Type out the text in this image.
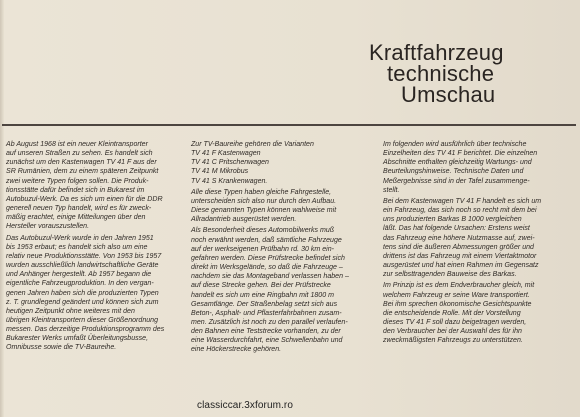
Kraftfahrzeug
technische
Umschau
Ab August 1968 ist ein neuer Kleintransporter
auf unseren Straßen zu sehen. Es handelt sich
zunächst um den Kastenwagen TV 41 F aus der
SR Rumänien, dem zu einem späteren Zeitpunkt
zwei weitere Typen folgen sollen. Die Produk-
tionsstätte dafür befindet sich in Bukarest im
Autobuzul-Werk. Da es sich um einen für die DDR
generell neuen Typ handelt, wird es für zweck-
mäßig erachtet, einige Mitteilungen über den
Hersteller vorauszustellen.
Das Autobuzul-Werk wurde in den Jahren 1951
bis 1953 erbaut; es handelt sich also um eine
relativ neue Produktionsstätte. Von 1953 bis 1957
wurden ausschließlich landwirtschaftliche Geräte
und Anhänger hergestellt. Ab 1957 begann die
eigentliche Fahrzeugproduktion. In den vergan-
genen Jahren haben sich die produzierten Typen
z. T. grundlegend geändert und können sich zum
heutigen Zeitpunkt ohne weiteres mit den
übrigen Kleintransportern dieser Größenordnung
messen. Das derzeitige Produktionsprogramm des
Bukarester Werks umfaßt Überleitungsbusse,
Omnibusse sowie die TV-Baureihe.
Zur TV-Baureihe gehören die Varianten
TV 41 F Kastenwagen
TV 41 C Pritschenwagen
TV 41 M Mikrobus
TV 41 S Krankenwagen.
Alle diese Typen haben gleiche Fahrgestelle,
unterscheiden sich also nur durch den Aufbau.
Diese genannten Typen können wahlweise mit
Allradantrieb ausgerüstet werden.
Als Besonderheit dieses Automobilwerks muß
noch erwähnt werden, daß sämtliche Fahrzeuge
auf der werkseigenen Prüfbahn rd. 30 km ein-
gefahren werden. Diese Prüfstrecke befindet sich
direkt im Werksgelände, so daß die Fahrzeuge –
nachdem sie das Montageband verlassen haben –
auf diese Strecke gehen. Bei der Prüfstrecke
handelt es sich um eine Ringbahn mit 1800 m
Gesamtlänge. Der Straßenbelag setzt sich aus
Beton-, Asphalt- und Pflasterfahrbahnen zusam-
men. Zusätzlich ist noch zu den parallel verlaufen-
den Bahnen eine Teststrecke vorhanden, zu der
eine Wasserdurchfahrt, eine Schwellenbahn und
eine Höckerstrecke gehören.
Im folgenden wird ausführlich über technische
Einzelheiten des TV 41 F berichtet. Die einzelnen
Abschnitte enthalten gleichzeitig Wartungs- und
Beurteilungshinweise. Technische Daten und
Meßergebnisse sind in der Tafel zusammenge-
stellt.
Bei dem Kastenwagen TV 41 F handelt es sich um
ein Fahrzeug, das sich noch so recht mit dem bei
uns produzierten Barkas B 1000 vergleichen
läßt. Das hat folgende Ursachen: Erstens weist
das Fahrzeug eine höhere Nutzmasse auf, zwei-
tens sind die äußeren Abmessungen größer und
drittens ist das Fahrzeug mit einem Viertaktmotor
ausgerüstet und hat einen Rahmen im Gegensatz
zur selbsttragenden Bauweise des Barkas.
Im Prinzip ist es dem Endverbraucher gleich, mit
welchem Fahrzeug er seine Ware transportiert.
Bei ihm sprechen ökonomische Gesichtspunkte
die entscheidende Rolle. Mit der Vorstellung
dieses TV 41 F soll dazu beigetragen werden,
den Verbraucher bei der Auswahl des für ihn
zweckmäßigsten Fahrzeugs zu unterstützen.
classiccar.3xforum.ro
